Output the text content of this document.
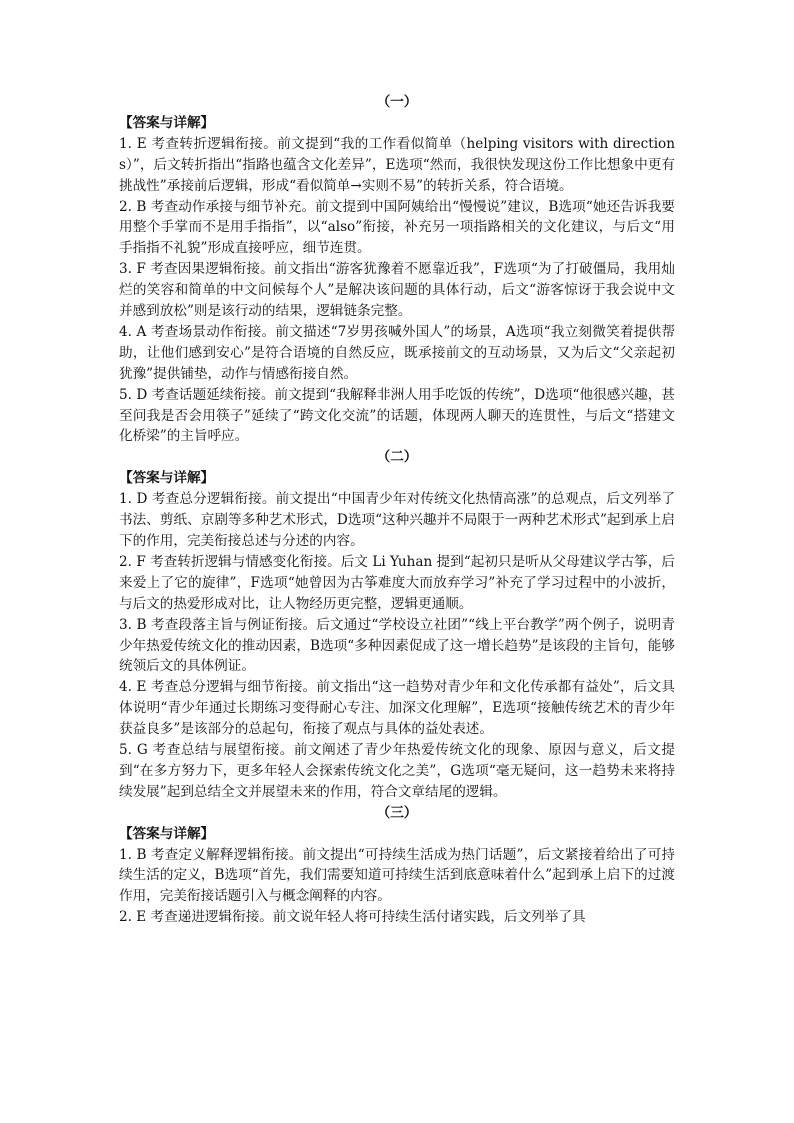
（一）
【答案与详解】

1. E 考查转折逻辑衔接。前文提到“我的工作看似简单（helping visitors with directions）”，后文转折指出“指路也蕴含文化差异”，E选项“然而，我很快发现这份工作比想象中更有挑战性”承接前后逻辑，形成“看似简单→实则不易”的转折关系，符合语境。

2. B 考查动作承接与细节补充。前文提到中国阿姨给出“慢慢说”建议，B选项“她还告诉我要用整个手掌而不是用手指指”，以“also”衔接，补充另一项指路相关的文化建议，与后文“用手指指不礼貌”形成直接呼应，细节连贯。

3. F 考查因果逻辑衔接。前文指出“游客犹豫着不愿靠近我”，F选项“为了打破僵局，我用灿烂的笑容和简单的中文问候每个人”是解决该问题的具体行动，后文“游客惊讶于我会说中文并感到放松”则是该行动的结果，逻辑链条完整。

4. A 考查场景动作衔接。前文描述“7岁男孩喊外国人”的场景，A选项“我立刻微笑着提供帮助，让他们感到安心”是符合语境的自然反应，既承接前文的互动场景，又为后文“父亲起初犹豫”提供铺垫，动作与情感衔接自然。

5. D 考查话题延续衔接。前文提到“我解释非洲人用手吃饭的传统”，D选项“他很感兴趣，甚至问我是否会用筷子”延续了“跨文化交流”的话题，体现两人聊天的连贯性，与后文“搭建文化桥梁”的主旨呼应。

（二）
【答案与详解】

1. D 考查总分逻辑衔接。前文提出“中国青少年对传统文化热情高涨”的总观点，后文列举了书法、剪纸、京剧等多种艺术形式，D选项“这种兴趣并不局限于一两种艺术形式”起到承上启下的作用，完美衔接总述与分述的内容。

2. F 考查转折逻辑与情感变化衔接。后文 Li Yuhan 提到“起初只是听从父母建议学古筝，后来爱上了它的旋律”，F选项“她曾因为古筝难度大而放弃学习”补充了学习过程中的小波折，与后文的热爱形成对比，让人物经历更完整，逻辑更通顺。

3. B 考查段落主旨与例证衔接。后文通过“学校设立社团”“线上平台教学”两个例子，说明青少年热爱传统文化的推动因素，B选项“多种因素促成了这一增长趋势”是该段的主旨句，能够统领后文的具体例证。

4. E 考查总分逻辑与细节衔接。前文指出“这一趋势对青少年和文化传承都有益处”，后文具体说明“青少年通过长期练习变得耐心专注、加深文化理解”，E选项“接触传统艺术的青少年获益良多”是该部分的总起句，衔接了观点与具体的益处表述。

5. G 考查总结与展望衔接。前文阐述了青少年热爱传统文化的现象、原因与意义，后文提到“在多方努力下，更多年轻人会探索传统文化之美”，G选项“毫无疑问，这一趋势未来将持续发展”起到总结全文并展望未来的作用，符合文章结尾的逻辑。

（三）
【答案与详解】

1. B 考查定义解释逻辑衔接。前文提出“可持续生活成为热门话题”，后文紧接着给出了可持续生活的定义，B选项“首先，我们需要知道可持续生活到底意味着什么”起到承上启下的过渡作用，完美衔接话题引入与概念阐释的内容。

2. E 考查递进逻辑衔接。前文说年轻人将可持续生活付诸实践，后文列举了具
